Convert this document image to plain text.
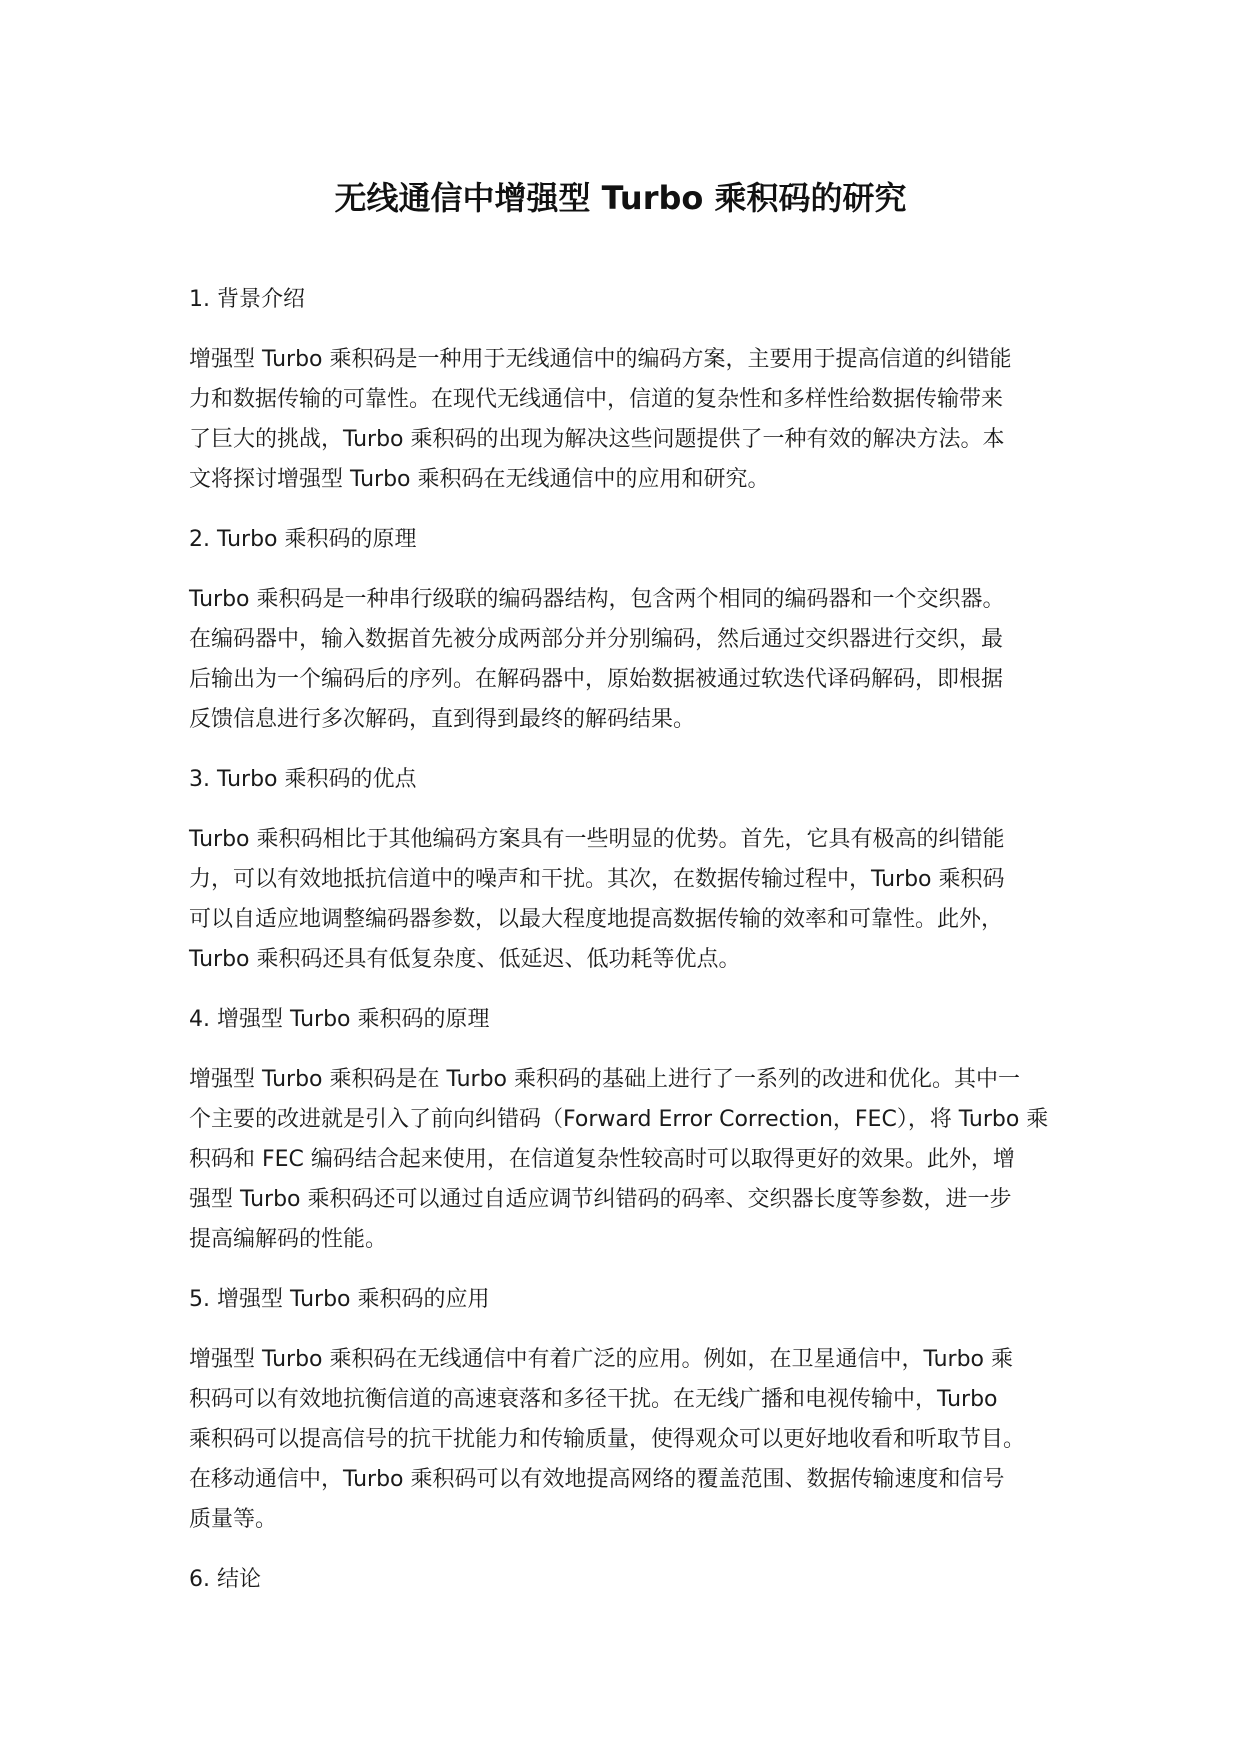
无线通信中增强型 Turbo 乘积码的研究
1. 背景介绍
增强型 Turbo 乘积码是一种用于无线通信中的编码方案，主要用于提高信道的纠错能
力和数据传输的可靠性。在现代无线通信中，信道的复杂性和多样性给数据传输带来
了巨大的挑战，Turbo 乘积码的出现为解决这些问题提供了一种有效的解决方法。本
文将探讨增强型 Turbo 乘积码在无线通信中的应用和研究。
2. Turbo 乘积码的原理
Turbo 乘积码是一种串行级联的编码器结构，包含两个相同的编码器和一个交织器。
在编码器中，输入数据首先被分成两部分并分别编码，然后通过交织器进行交织，最
后输出为一个编码后的序列。在解码器中，原始数据被通过软迭代译码解码，即根据
反馈信息进行多次解码，直到得到最终的解码结果。
3. Turbo 乘积码的优点
Turbo 乘积码相比于其他编码方案具有一些明显的优势。首先，它具有极高的纠错能
力，可以有效地抵抗信道中的噪声和干扰。其次，在数据传输过程中，Turbo 乘积码
可以自适应地调整编码器参数，以最大程度地提高数据传输的效率和可靠性。此外，
Turbo 乘积码还具有低复杂度、低延迟、低功耗等优点。
4. 增强型 Turbo 乘积码的原理
增强型 Turbo 乘积码是在 Turbo 乘积码的基础上进行了一系列的改进和优化。其中一
个主要的改进就是引入了前向纠错码（Forward Error Correction，FEC），将 Turbo 乘
积码和 FEC 编码结合起来使用，在信道复杂性较高时可以取得更好的效果。此外，增
强型 Turbo 乘积码还可以通过自适应调节纠错码的码率、交织器长度等参数，进一步
提高编解码的性能。
5. 增强型 Turbo 乘积码的应用
增强型 Turbo 乘积码在无线通信中有着广泛的应用。例如，在卫星通信中，Turbo 乘
积码可以有效地抗衡信道的高速衰落和多径干扰。在无线广播和电视传输中，Turbo
乘积码可以提高信号的抗干扰能力和传输质量，使得观众可以更好地收看和听取节目。
在移动通信中，Turbo 乘积码可以有效地提高网络的覆盖范围、数据传输速度和信号
质量等。
6. 结论
